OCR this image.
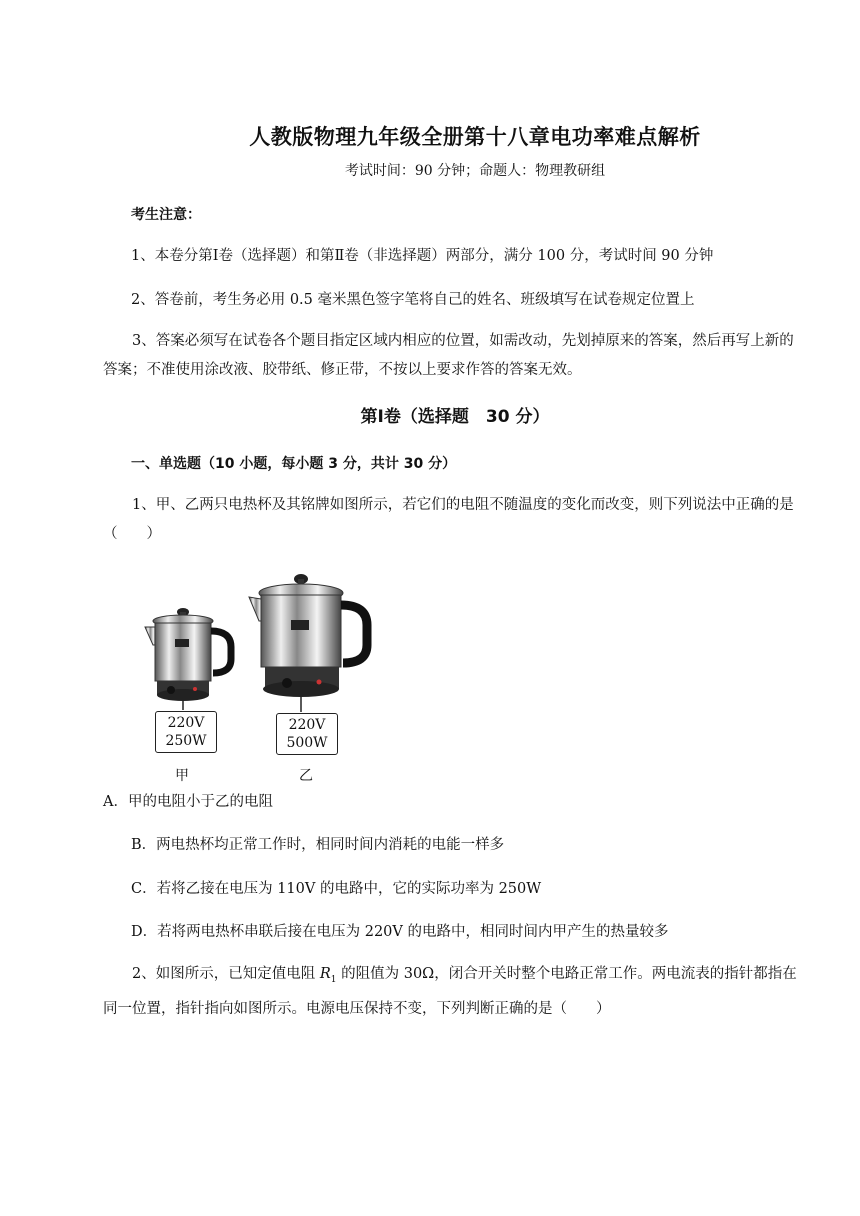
人教版物理九年级全册第十八章电功率难点解析
考试时间：90 分钟；命题人：物理教研组
考生注意：
1、本卷分第Ⅰ卷（选择题）和第Ⅱ卷（非选择题）两部分，满分 100 分，考试时间 90 分钟
2、答卷前，考生务必用 0.5 毫米黑色签字笔将自己的姓名、班级填写在试卷规定位置上
3、答案必须写在试卷各个题目指定区域内相应的位置，如需改动，先划掉原来的答案，然后再写上新的答案；不准使用涂改液、胶带纸、修正带，不按以上要求作答的答案无效。
第Ⅰ卷（选择题　30 分）
一、单选题（10 小题，每小题 3 分，共计 30 分）
1、甲、乙两只电热杯及其铭牌如图所示，若它们的电阻不随温度的变化而改变，则下列说法中正确的是（　　）
220V
250W
220V
500W
甲	乙
A．甲的电阻小于乙的电阻
B．两电热杯均正常工作时，相同时间内消耗的电能一样多
C．若将乙接在电压为 110V 的电路中，它的实际功率为 250W
D．若将两电热杯串联后接在电压为 220V 的电路中，相同时间内甲产生的热量较多
2、如图所示，已知定值电阻 $R_1$ 的阻值为 30Ω，闭合开关时整个电路正常工作。两电流表的指针都指在同一位置，指针指向如图所示。电源电压保持不变，下列判断正确的是（　　）
